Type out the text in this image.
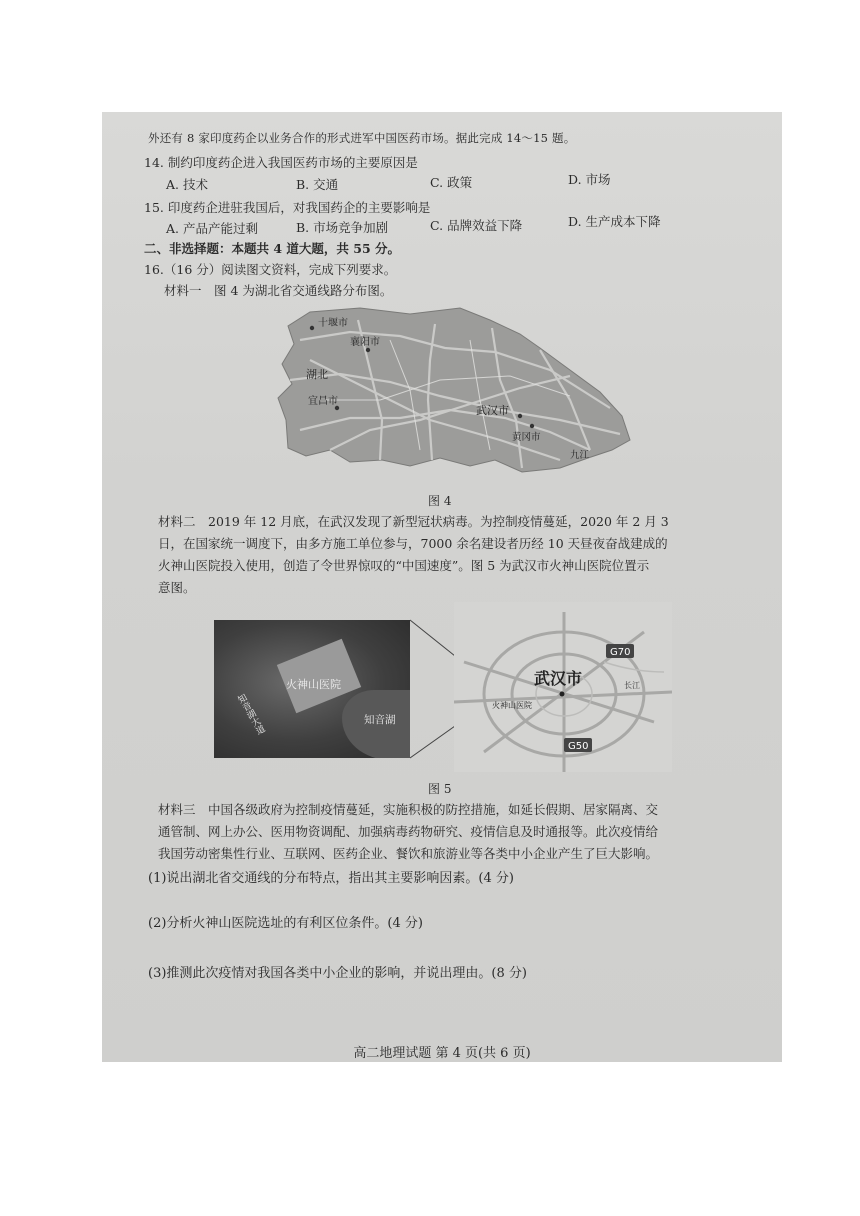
外还有 8 家印度药企以业务合作的形式进军中国医药市场。据此完成 14～15 题。
14. 制约印度药企进入我国医药市场的主要原因是
A. 技术	B. 交通	C. 政策	D. 市场
15. 印度药企进驻我国后，对我国药企的主要影响是
A. 产品产能过剩	B. 市场竞争加剧	C. 品牌效益下降	D. 生产成本下降
二、非选择题：本题共 4 道大题，共 55 分。
16.（16 分）阅读图文资料，完成下列要求。
材料一　图 4 为湖北省交通线路分布图。
十堰市
襄阳市
湖北
宜昌市
武汉市
黄冈市
九江
图 4
材料二　2019 年 12 月底，在武汉发现了新型冠状病毒。为控制疫情蔓延，2020 年 2 月 3
日，在国家统一调度下，由多方施工单位参与，7000 余名建设者历经 10 天昼夜奋战建成的
火神山医院投入使用，创造了令世界惊叹的“中国速度”。图 5 为武汉市火神山医院位置示
意图。
火神山医院
知音湖
知音湖大道
武汉市
G70
G50
火神山医院
长江
图 5
材料三　中国各级政府为控制疫情蔓延，实施积极的防控措施，如延长假期、居家隔离、交
通管制、网上办公、医用物资调配、加强病毒药物研究、疫情信息及时通报等。此次疫情给
我国劳动密集性行业、互联网、医药企业、餐饮和旅游业等各类中小企业产生了巨大影响。
(1)说出湖北省交通线的分布特点，指出其主要影响因素。(4 分)
(2)分析火神山医院选址的有利区位条件。(4 分)
(3)推测此次疫情对我国各类中小企业的影响，并说出理由。(8 分)
高二地理试题 第 4 页(共 6 页)
